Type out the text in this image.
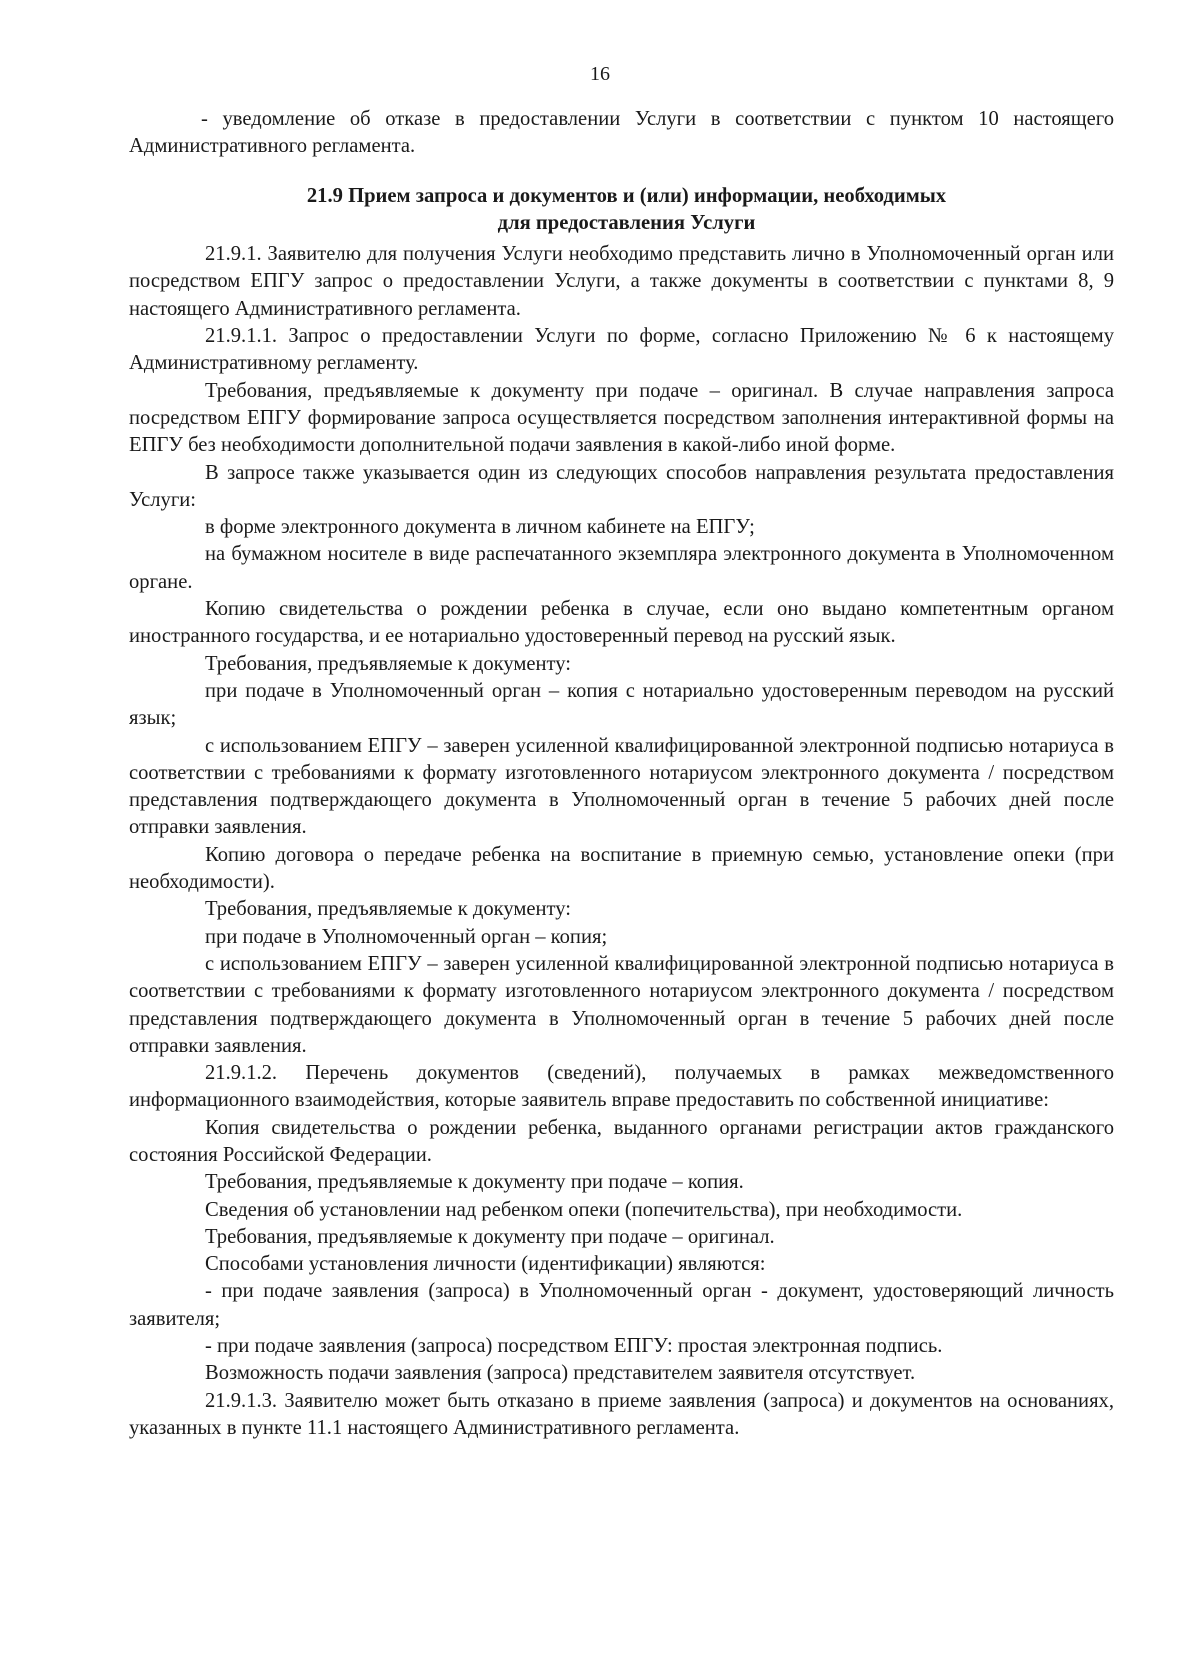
16

- уведомление об отказе в предоставлении Услуги в соответствии с пунктом 10 настоящего Административного регламента.

21.9 Прием запроса и документов и (или) информации, необходимых
для предоставления Услуги

21.9.1. Заявителю для получения Услуги необходимо представить лично в Уполномоченный орган или посредством ЕПГУ запрос о предоставлении Услуги, а также документы в соответствии с пунктами 8, 9 настоящего Административного регламента.

21.9.1.1. Запрос о предоставлении Услуги по форме, согласно Приложению № 6 к настоящему Административному регламенту.

Требования, предъявляемые к документу при подаче – оригинал. В случае направления запроса посредством ЕПГУ формирование запроса осуществляется посредством заполнения интерактивной формы на ЕПГУ без необходимости дополнительной подачи заявления в какой-либо иной форме.

В запросе также указывается один из следующих способов направления результата предоставления Услуги:

в форме электронного документа в личном кабинете на ЕПГУ;

на бумажном носителе в виде распечатанного экземпляра электронного документа в Уполномоченном органе.

Копию свидетельства о рождении ребенка в случае, если оно выдано компетентным органом иностранного государства, и ее нотариально удостоверенный перевод на русский язык.

Требования, предъявляемые к документу:

при подаче в Уполномоченный орган – копия с нотариально удостоверенным переводом на русский язык;

с использованием ЕПГУ – заверен усиленной квалифицированной электронной подписью нотариуса в соответствии с требованиями к формату изготовленного нотариусом электронного документа / посредством представления подтверждающего документа в Уполномоченный орган в течение 5 рабочих дней после отправки заявления.

Копию договора о передаче ребенка на воспитание в приемную семью, установление опеки (при необходимости).

Требования, предъявляемые к документу:

при подаче в Уполномоченный орган – копия;

с использованием ЕПГУ – заверен усиленной квалифицированной электронной подписью нотариуса в соответствии с требованиями к формату изготовленного нотариусом электронного документа / посредством представления подтверждающего документа в Уполномоченный орган в течение 5 рабочих дней после отправки заявления.

21.9.1.2. Перечень документов (сведений), получаемых в рамках межведомственного информационного взаимодействия, которые заявитель вправе предоставить по собственной инициативе:

Копия свидетельства о рождении ребенка, выданного органами регистрации актов гражданского состояния Российской Федерации.

Требования, предъявляемые к документу при подаче – копия.

Сведения об установлении над ребенком опеки (попечительства), при необходимости.

Требования, предъявляемые к документу при подаче – оригинал.

Способами установления личности (идентификации) являются:

- при подаче заявления (запроса) в Уполномоченный орган - документ, удостоверяющий личность заявителя;

- при подаче заявления (запроса) посредством ЕПГУ: простая электронная подпись.

Возможность подачи заявления (запроса) представителем заявителя отсутствует.

21.9.1.3. Заявителю может быть отказано в приеме заявления (запроса) и документов на основаниях, указанных в пункте 11.1 настоящего Административного регламента.
